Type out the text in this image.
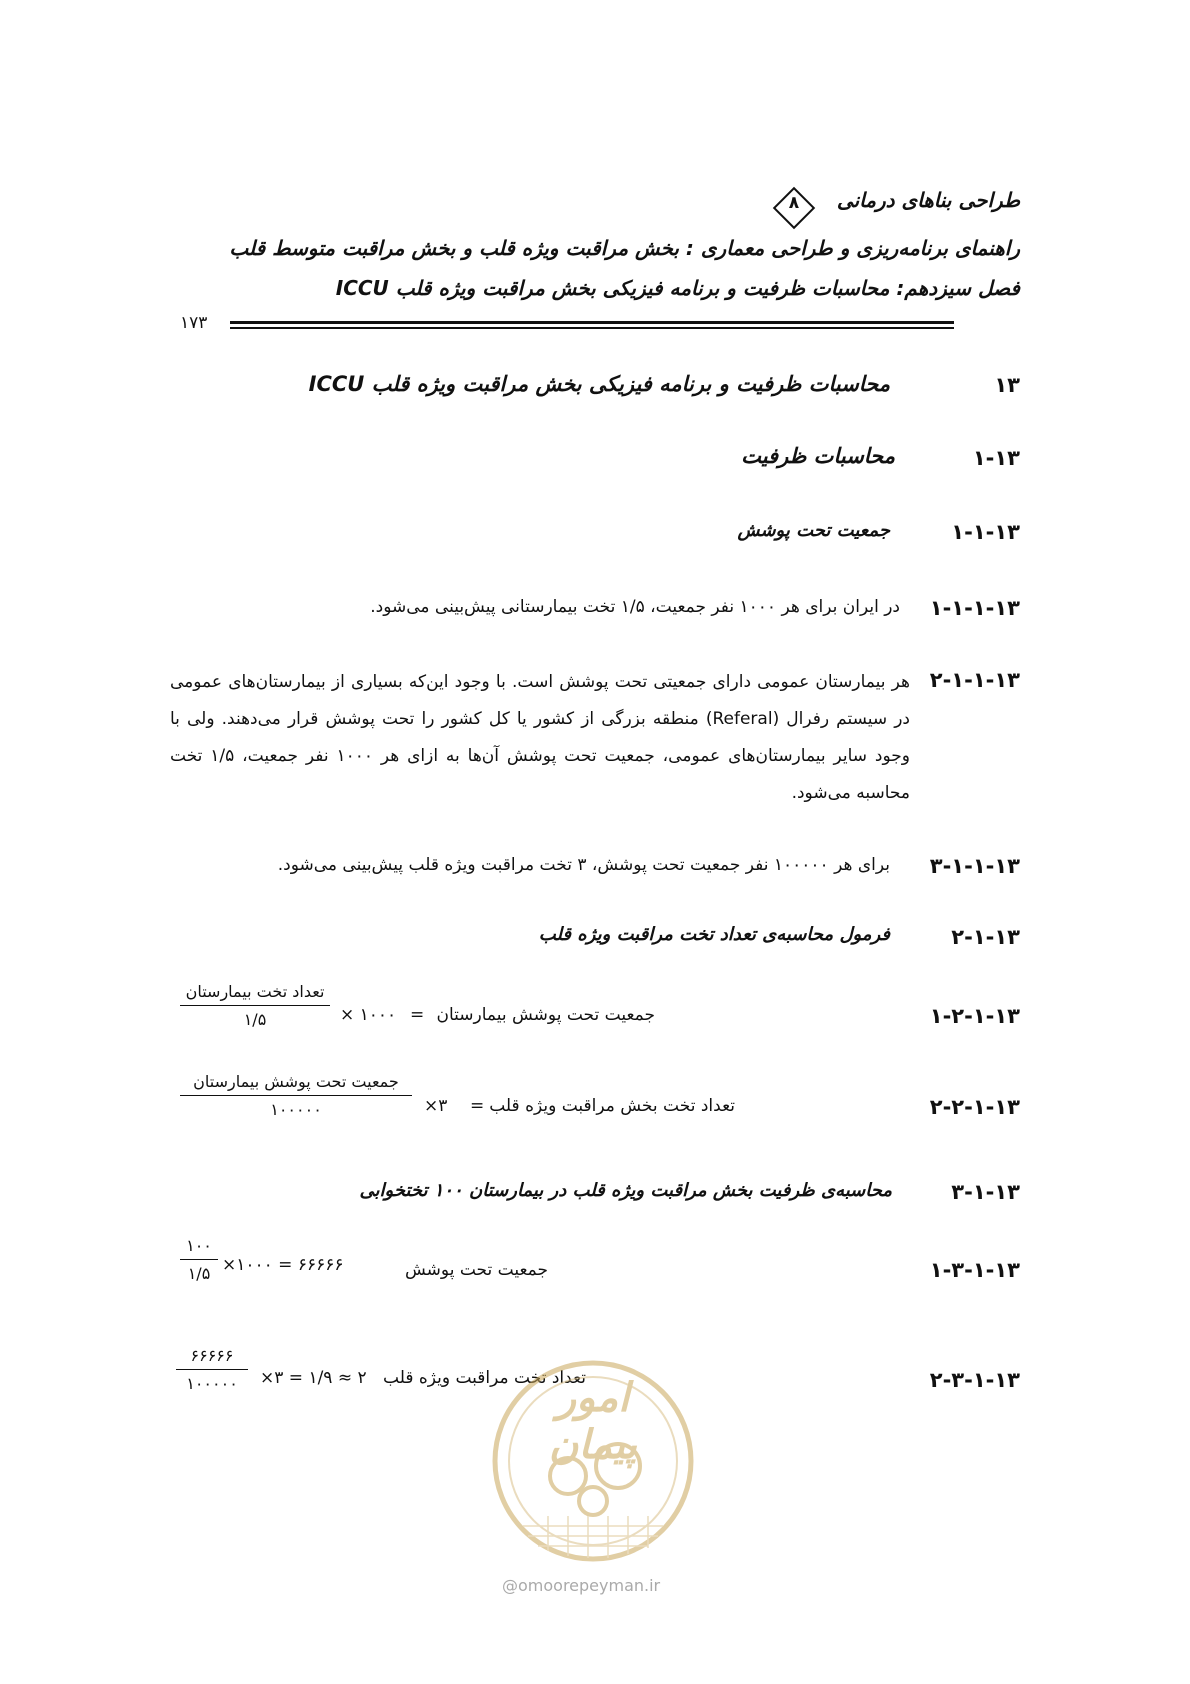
طراحی بناهای درمانی
۸
راهنمای برنامه‌ریزی و طراحی معماری : بخش مراقبت ویژه قلب و بخش مراقبت متوسط قلب
فصل سیزدهم: محاسبات ظرفیت و برنامه فیزیکی بخش مراقبت ویژه قلب ICCU
۱۷۳
۱۳
محاسبات ظرفیت و برنامه فیزیکی بخش مراقبت ویژه قلب ICCU
۱-۱۳
محاسبات ظرفیت
۱-۱-۱۳
جمعیت تحت پوشش
۱-۱-۱-۱۳
در ایران برای هر ۱۰۰۰ نفر جمعیت، ۱/۵ تخت بیمارستانی پیش‌بینی می‌شود.
۲-۱-۱-۱۳
هر بیمارستان عمومی دارای جمعیتی تحت پوشش است. با وجود این‌که بسیاری از بیمارستان‌های عمومی در سیستم رفرال (Referal) منطقه بزرگی از کشور یا کل کشور را تحت پوشش قرار می‌دهند. ولی با وجود سایر بیمارستان‌های عمومی، جمعیت تحت پوشش آن‌ها به ازای هر ۱۰۰۰ نفر جمعیت، ۱/۵ تخت محاسبه می‌شود.
۳-۱-۱-۱۳
برای هر ۱۰۰۰۰۰ نفر جمعیت تحت پوشش، ۳ تخت مراقبت ویژه قلب پیش‌بینی می‌شود.
۲-۱-۱۳
فرمول محاسبه‌ی تعداد تخت مراقبت ویژه قلب
۱-۲-۱-۱۳
جمعیت تحت پوشش بیمارستان
=
۱۰۰۰ ×
تعداد تخت بیمارستان
۱/۵
۲-۲-۱-۱۳
تعداد تخت بخش مراقبت ویژه قلب
=
۳×
جمعیت تحت پوشش بیمارستان
۱۰۰۰۰۰
۳-۱-۱۳
محاسبه‌ی ظرفیت بخش مراقبت ویژه قلب در بیمارستان ۱۰۰ تختخوابی
۱-۳-۱-۱۳
جمعیت تحت پوشش
۶۶۶۶۶ = ۱۰۰۰×
۱۰۰
۱/۵
۲-۳-۱-۱۳
تعداد تخت مراقبت ویژه قلب
۲ ≈ ۱/۹ = ۳×
۶۶۶۶۶
۱۰۰۰۰۰	امور پیمان
@omoorepeyman.ir
